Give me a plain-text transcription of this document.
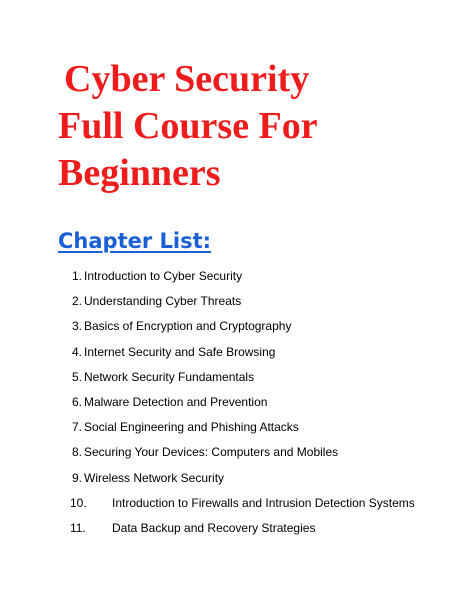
Cyber Security
Full Course For
Beginners
Chapter List:
1. Introduction to Cyber Security
2. Understanding Cyber Threats
3. Basics of Encryption and Cryptography
4. Internet Security and Safe Browsing
5. Network Security Fundamentals
6. Malware Detection and Prevention
7. Social Engineering and Phishing Attacks
8. Securing Your Devices: Computers and Mobiles
9. Wireless Network Security
10. Introduction to Firewalls and Intrusion Detection Systems
11. Data Backup and Recovery Strategies
